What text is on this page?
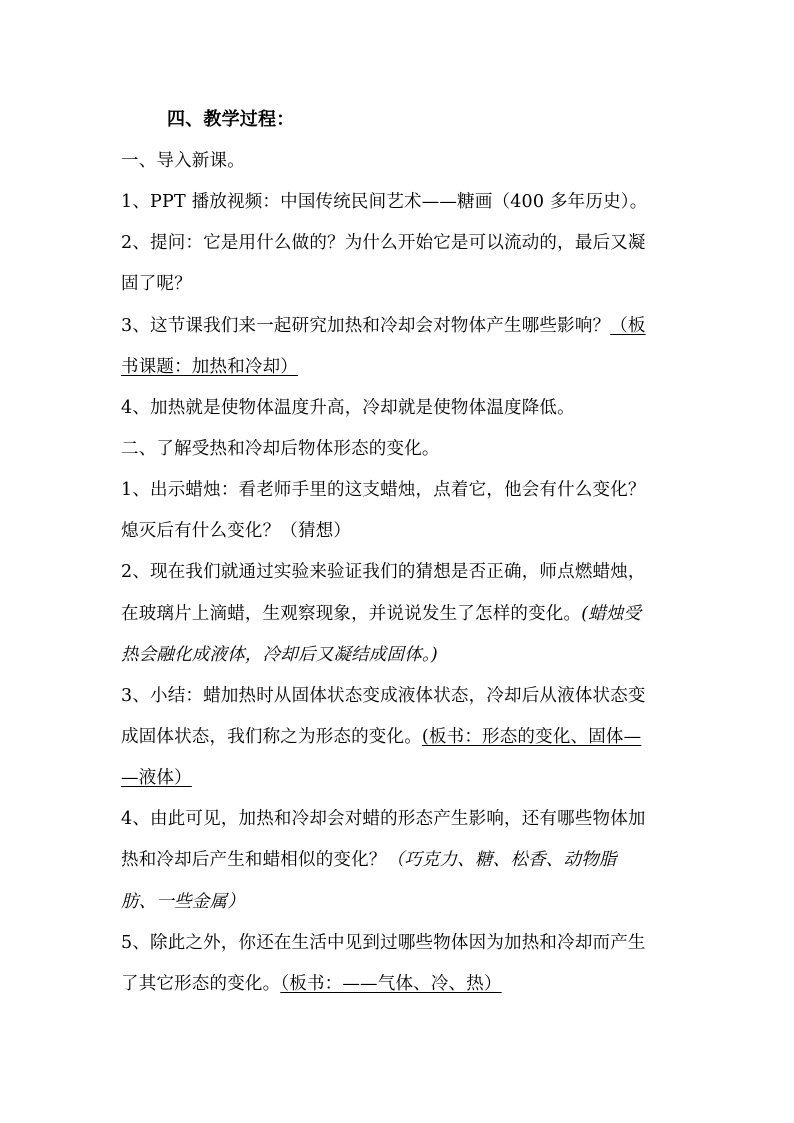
四、教学过程：
一、导入新课。
1、PPT 播放视频：中国传统民间艺术——糖画（400 多年历史）。
2、提问：它是用什么做的？为什么开始它是可以流动的，最后又凝
固了呢？
3、这节课我们来一起研究加热和冷却会对物体产生哪些影响？（板
书课题：加热和冷却）
4、加热就是使物体温度升高，冷却就是使物体温度降低。
二、了解受热和冷却后物体形态的变化。
1、出示蜡烛：看老师手里的这支蜡烛，点着它，他会有什么变化？
熄灭后有什么变化？（猜想）
2、现在我们就通过实验来验证我们的猜想是否正确，师点燃蜡烛，
在玻璃片上滴蜡，生观察现象，并说说发生了怎样的变化。(蜡烛受
热会融化成液体，冷却后又凝结成固体。)
3、小结：蜡加热时从固体状态变成液体状态，冷却后从液体状态变
成固体状态，我们称之为形态的变化。(板书：形态的变化、固体—
—液体）
4、由此可见，加热和冷却会对蜡的形态产生影响，还有哪些物体加
热和冷却后产生和蜡相似的变化？（巧克力、糖、松香、动物脂
肪、一些金属）
5、除此之外，你还在生活中见到过哪些物体因为加热和冷却而产生
了其它形态的变化。（板书：——气体、冷、热）
